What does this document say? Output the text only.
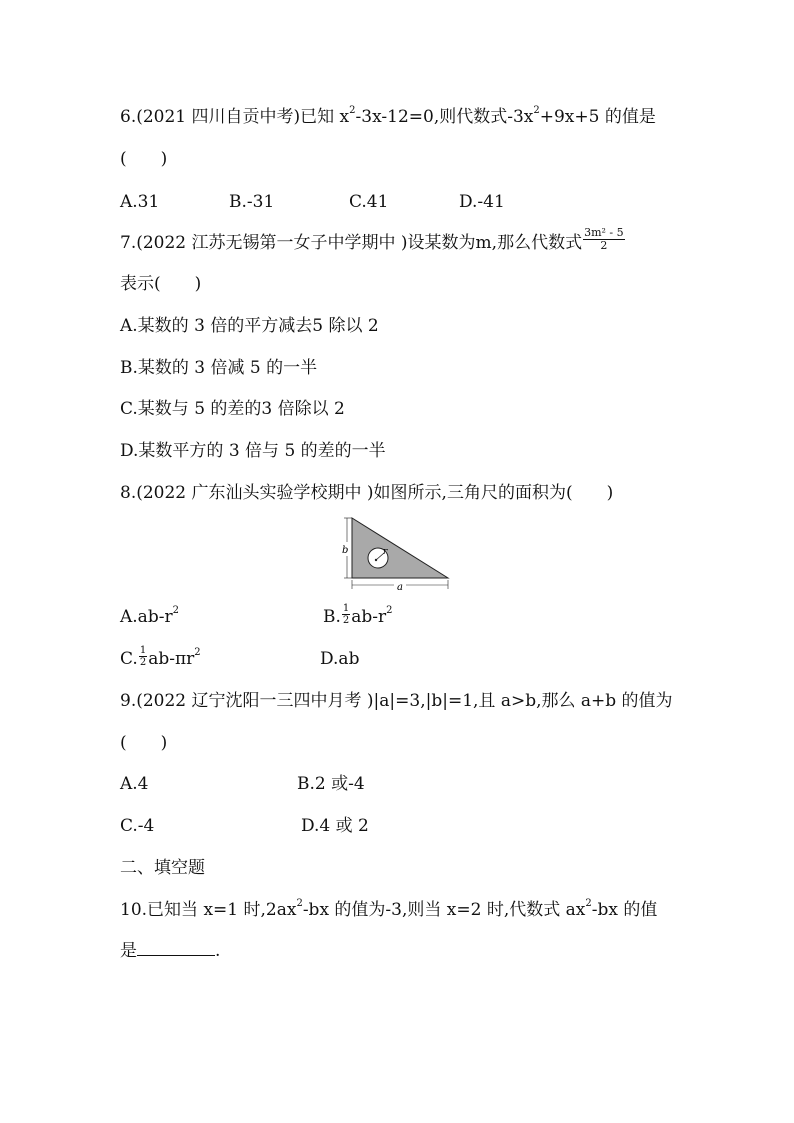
6.(2021 四川自贡中考)已知 $x^2-3x-12=0$,则代数式$-3x^2+9x+5$ 的值是
(　　)
A.31	B.-31	C.41	D.-41
7.(2022 江苏无锡第一女子中学期中 )设某数为m,那么代数式 $\frac{\text{3m² - 5}}{2}$
表示(　　)
A.某数的 3 倍的平方减去5 除以 2
B.某数的 3 倍减 5 的一半
C.某数与 5 的差的3 倍除以 2
D.某数平方的 3 倍与 5 的差的一半
8.(2022 广东汕头实验学校期中 )如图所示,三角尺的面积为(　　)
r
b
a
$A.ab-r^2$	B. $\frac{1}{2} ab-r^2$
C. $\frac{1}{2} ab-\pi r^2$	D.ab
9.(2022 辽宁沈阳一三四中月考 )|a|=3,|b|=1,且 a>b,那么 a+b 的值为
(　　)
A.4	B.2 或-4
C.-4	D.4 或 2
二、填空题
10.已知当 x=1 时$,2ax^2-bx$ 的值为-3,则当 x=2 时,代数式 $ax^2-bx$ 的值
是	.
